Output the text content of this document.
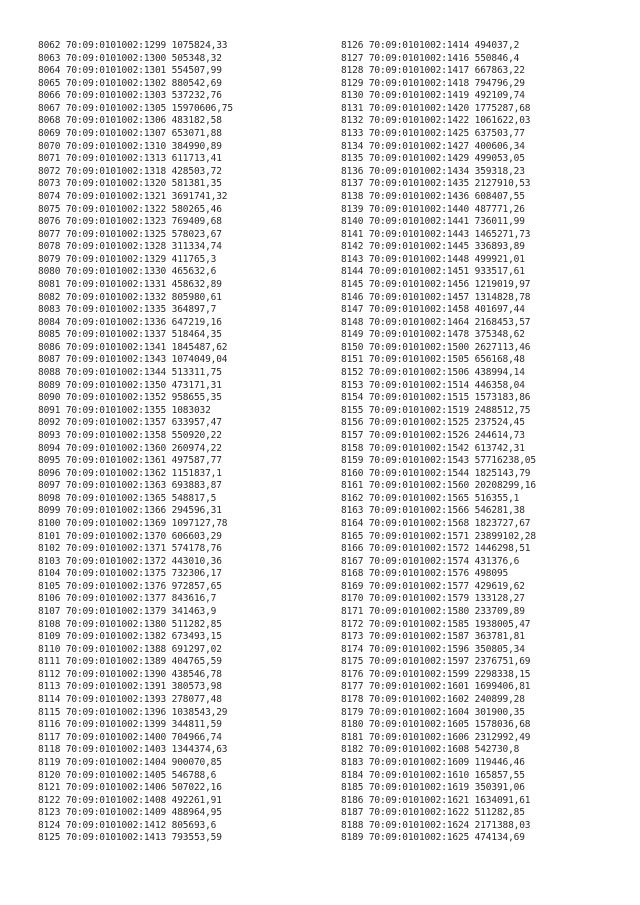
8062 70:09:0101002:1299 1075824,33
8063 70:09:0101002:1300 505348,32
8064 70:09:0101002:1301 554507,99
8065 70:09:0101002:1302 880542,69
8066 70:09:0101002:1303 537232,76
8067 70:09:0101002:1305 15970606,75
8068 70:09:0101002:1306 483182,58
8069 70:09:0101002:1307 653071,88
8070 70:09:0101002:1310 384990,89
8071 70:09:0101002:1313 611713,41
8072 70:09:0101002:1318 428503,72
8073 70:09:0101002:1320 581381,35
8074 70:09:0101002:1321 3691741,32
8075 70:09:0101002:1322 580265,46
8076 70:09:0101002:1323 769409,68
8077 70:09:0101002:1325 578023,67
8078 70:09:0101002:1328 311334,74
8079 70:09:0101002:1329 411765,3
8080 70:09:0101002:1330 465632,6
8081 70:09:0101002:1331 458632,89
8082 70:09:0101002:1332 805980,61
8083 70:09:0101002:1335 364897,7
8084 70:09:0101002:1336 647219,16
8085 70:09:0101002:1337 518464,35
8086 70:09:0101002:1341 1845487,62
8087 70:09:0101002:1343 1074049,04
8088 70:09:0101002:1344 513311,75
8089 70:09:0101002:1350 473171,31
8090 70:09:0101002:1352 958655,35
8091 70:09:0101002:1355 1083032
8092 70:09:0101002:1357 633957,47
8093 70:09:0101002:1358 550920,22
8094 70:09:0101002:1360 260974,22
8095 70:09:0101002:1361 497587,77
8096 70:09:0101002:1362 1151837,1
8097 70:09:0101002:1363 693883,87
8098 70:09:0101002:1365 548817,5
8099 70:09:0101002:1366 294596,31
8100 70:09:0101002:1369 1097127,78
8101 70:09:0101002:1370 606603,29
8102 70:09:0101002:1371 574178,76
8103 70:09:0101002:1372 443010,36
8104 70:09:0101002:1375 732306,17
8105 70:09:0101002:1376 972857,65
8106 70:09:0101002:1377 843616,7
8107 70:09:0101002:1379 341463,9
8108 70:09:0101002:1380 511282,85
8109 70:09:0101002:1382 673493,15
8110 70:09:0101002:1388 691297,02
8111 70:09:0101002:1389 404765,59
8112 70:09:0101002:1390 438546,78
8113 70:09:0101002:1391 380573,98
8114 70:09:0101002:1393 278077,48
8115 70:09:0101002:1396 1038543,29
8116 70:09:0101002:1399 344811,59
8117 70:09:0101002:1400 704966,74
8118 70:09:0101002:1403 1344374,63
8119 70:09:0101002:1404 900070,85
8120 70:09:0101002:1405 546788,6
8121 70:09:0101002:1406 507022,16
8122 70:09:0101002:1408 492261,91
8123 70:09:0101002:1409 488964,95
8124 70:09:0101002:1412 805693,6
8125 70:09:0101002:1413 793553,59
8126 70:09:0101002:1414 494037,2
8127 70:09:0101002:1416 550846,4
8128 70:09:0101002:1417 667863,22
8129 70:09:0101002:1418 794796,29
8130 70:09:0101002:1419 492109,74
8131 70:09:0101002:1420 1775287,68
8132 70:09:0101002:1422 1061622,03
8133 70:09:0101002:1425 637503,77
8134 70:09:0101002:1427 400606,34
8135 70:09:0101002:1429 499053,05
8136 70:09:0101002:1434 359318,23
8137 70:09:0101002:1435 2127910,53
8138 70:09:0101002:1436 608407,55
8139 70:09:0101002:1440 487771,26
8140 70:09:0101002:1441 736011,99
8141 70:09:0101002:1443 1465271,73
8142 70:09:0101002:1445 336893,89
8143 70:09:0101002:1448 499921,01
8144 70:09:0101002:1451 933517,61
8145 70:09:0101002:1456 1219019,97
8146 70:09:0101002:1457 1314828,78
8147 70:09:0101002:1458 401697,44
8148 70:09:0101002:1464 2168453,57
8149 70:09:0101002:1478 375348,62
8150 70:09:0101002:1500 2627113,46
8151 70:09:0101002:1505 656168,48
8152 70:09:0101002:1506 438994,14
8153 70:09:0101002:1514 446358,04
8154 70:09:0101002:1515 1573183,86
8155 70:09:0101002:1519 2488512,75
8156 70:09:0101002:1525 237524,45
8157 70:09:0101002:1526 244614,73
8158 70:09:0101002:1542 613742,31
8159 70:09:0101002:1543 57716238,05
8160 70:09:0101002:1544 1825143,79
8161 70:09:0101002:1560 20208299,16
8162 70:09:0101002:1565 516355,1
8163 70:09:0101002:1566 546281,38
8164 70:09:0101002:1568 1823727,67
8165 70:09:0101002:1571 23899102,28
8166 70:09:0101002:1572 1446298,51
8167 70:09:0101002:1574 431376,6
8168 70:09:0101002:1576 498095
8169 70:09:0101002:1577 429619,62
8170 70:09:0101002:1579 133128,27
8171 70:09:0101002:1580 233709,89
8172 70:09:0101002:1585 1938005,47
8173 70:09:0101002:1587 363781,81
8174 70:09:0101002:1596 350805,34
8175 70:09:0101002:1597 2376751,69
8176 70:09:0101002:1599 2298338,15
8177 70:09:0101002:1601 1699406,81
8178 70:09:0101002:1602 240899,28
8179 70:09:0101002:1604 301900,35
8180 70:09:0101002:1605 1578036,68
8181 70:09:0101002:1606 2312992,49
8182 70:09:0101002:1608 542730,8
8183 70:09:0101002:1609 119446,46
8184 70:09:0101002:1610 165857,55
8185 70:09:0101002:1619 350391,06
8186 70:09:0101002:1621 1634091,61
8187 70:09:0101002:1622 511282,85
8188 70:09:0101002:1624 2171388,03
8189 70:09:0101002:1625 474134,69
